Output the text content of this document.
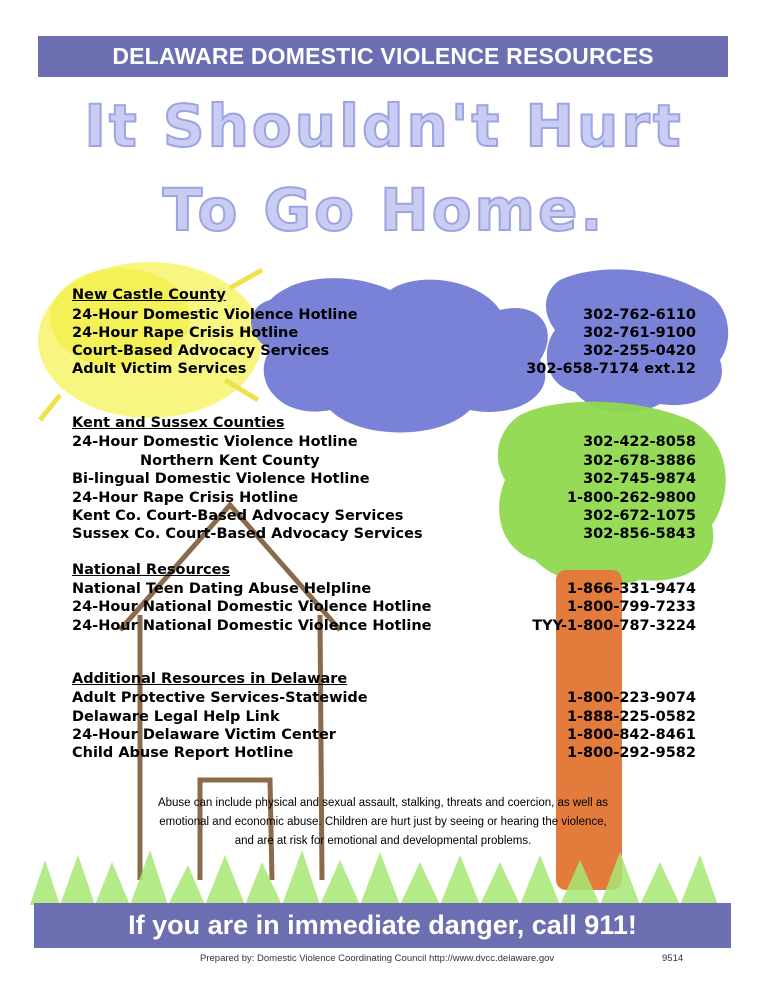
DELAWARE DOMESTIC VIOLENCE RESOURCES
It Shouldn't Hurt
To Go Home.
New Castle County
24-Hour Domestic Violence Hotline	302-762-6110
24-Hour Rape Crisis Hotline	302-761-9100
Court-Based Advocacy Services	302-255-0420
Adult Victim Services	302-658-7174 ext.12
Kent and Sussex Counties
24-Hour Domestic Violence Hotline	302-422-8058
Northern Kent County	302-678-3886
Bi-lingual Domestic Violence Hotline	302-745-9874
24-Hour Rape Crisis Hotline	1-800-262-9800
Kent Co. Court-Based Advocacy Services	302-672-1075
Sussex Co. Court-Based Advocacy Services	302-856-5843
National Resources
National Teen Dating Abuse Helpline	1-866-331-9474
24-Hour National Domestic Violence Hotline	1-800-799-7233
24-Hour National Domestic Violence Hotline	TYY-1-800-787-3224
Additional Resources in Delaware
Adult Protective Services-Statewide	1-800-223-9074
Delaware Legal Help Link	1-888-225-0582
24-Hour Delaware Victim Center	1-800-842-8461
Child Abuse Report Hotline	1-800-292-9582
Abuse can include physical and sexual assault, stalking, threats and coercion, as well as
emotional and economic abuse. Children are hurt just by seeing or hearing the violence,
and are at risk for emotional and developmental problems.
If you are in immediate danger, call 911!
Prepared by: Domestic Violence Coordinating Council http://www.dvcc.delaware.gov	9514
